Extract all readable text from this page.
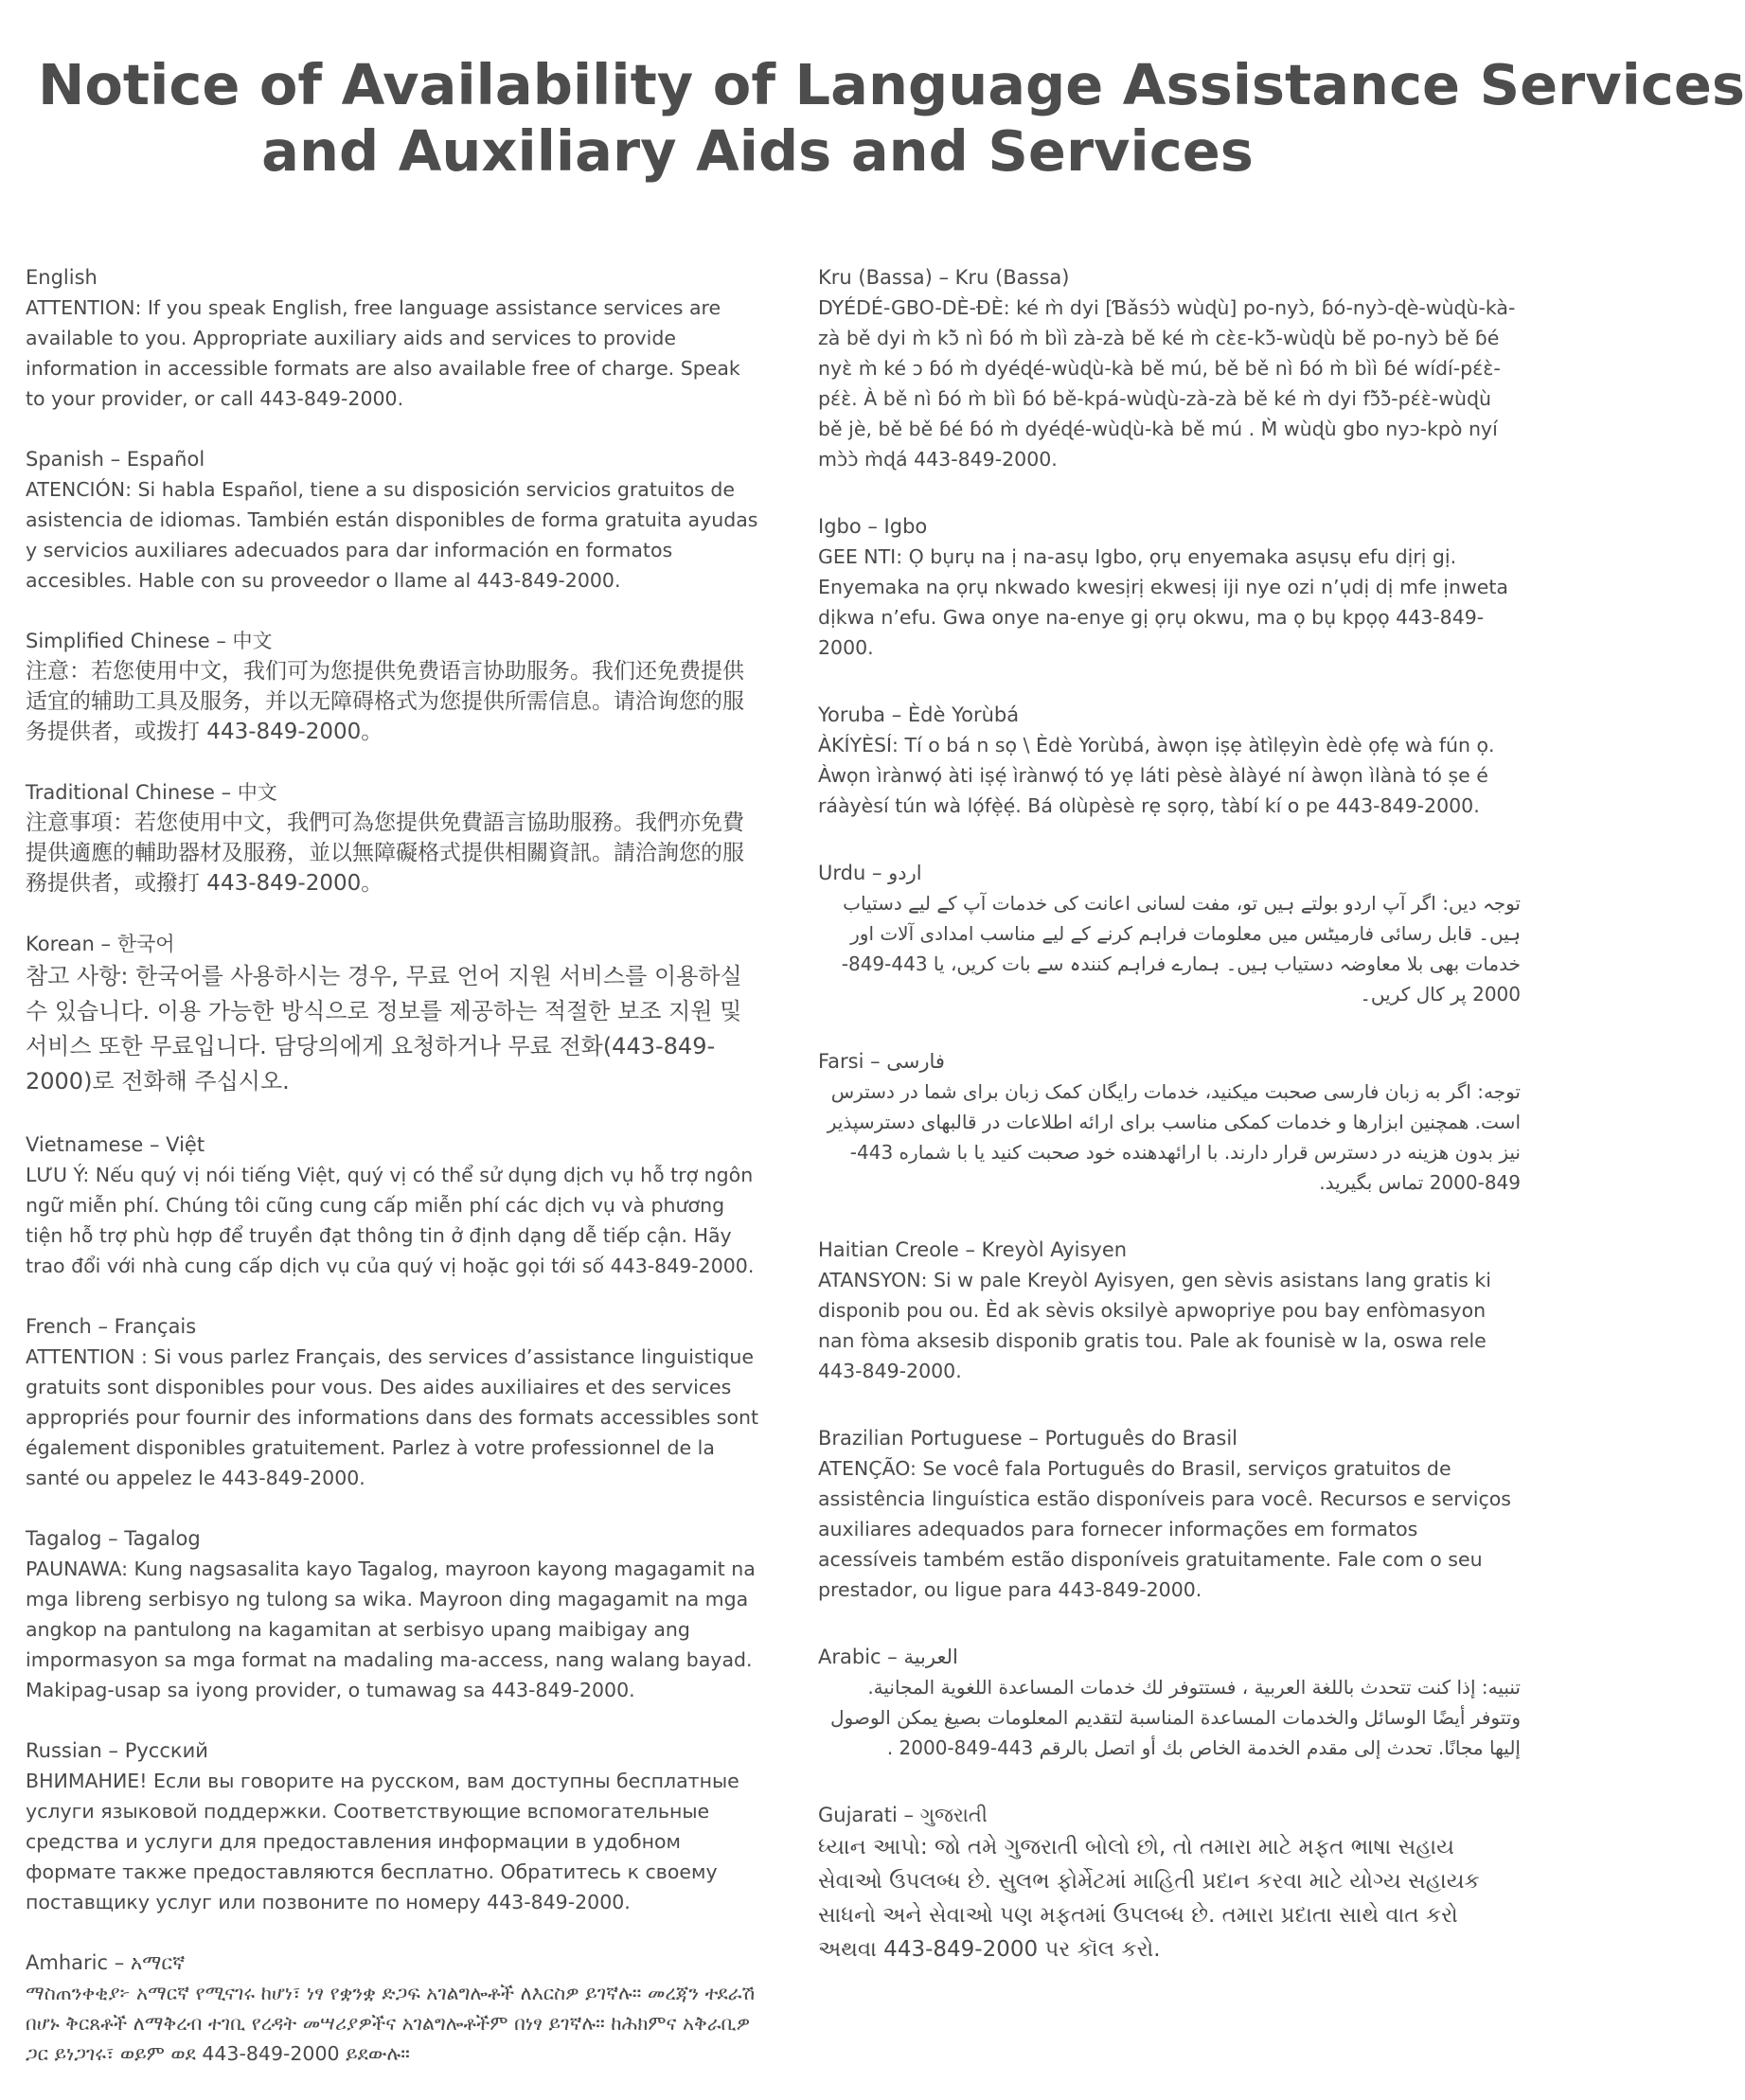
Notice of Availability of Language Assistance Services
and Auxiliary Aids and Services
English
ATTENTION: If you speak English, free language assistance services are available to you. Appropriate auxiliary aids and services to provide information in accessible formats are also available free of charge. Speak to your provider, or call 443-849-2000.
Spanish – Español
ATENCIÓN: Si habla Español, tiene a su disposición servicios gratuitos de asistencia de idiomas. También están disponibles de forma gratuita ayudas y servicios auxiliares adecuados para dar información en formatos accesibles. Hable con su proveedor o llame al 443-849-2000.
Simplified Chinese – 中文
注意：若您使用中文，我们可为您提供免费语言协助服务。我们还免费提供适宜的辅助工具及服务，并以无障碍格式为您提供所需信息。请洽询您的服务提供者，或拨打 443-849-2000。
Traditional Chinese – 中文
注意事項：若您使用中文，我們可為您提供免費語言協助服務。我們亦免費提供適應的輔助器材及服務，並以無障礙格式提供相關資訊。請洽詢您的服務提供者，或撥打 443-849-2000。
Korean – 한국어
참고 사항: 한국어를 사용하시는 경우, 무료 언어 지원 서비스를 이용하실 수 있습니다. 이용 가능한 방식으로 정보를 제공하는 적절한 보조 지원 및 서비스 또한 무료입니다. 담당의에게 요청하거나 무료 전화(443-849-2000)로 전화해 주십시오.
Vietnamese – Việt
LƯU Ý: Nếu quý vị nói tiếng Việt, quý vị có thể sử dụng dịch vụ hỗ trợ ngôn ngữ miễn phí. Chúng tôi cũng cung cấp miễn phí các dịch vụ và phương tiện hỗ trợ phù hợp để truyền đạt thông tin ở định dạng dễ tiếp cận. Hãy trao đổi với nhà cung cấp dịch vụ của quý vị hoặc gọi tới số 443-849-2000.
French – Français
ATTENTION : Si vous parlez Français, des services d’assistance linguistique gratuits sont disponibles pour vous. Des aides auxiliaires et des services appropriés pour fournir des informations dans des formats accessibles sont également disponibles gratuitement. Parlez à votre professionnel de la santé ou appelez le 443-849-2000.
Tagalog – Tagalog
PAUNAWA: Kung nagsasalita kayo Tagalog, mayroon kayong magagamit na mga libreng serbisyo ng tulong sa wika. Mayroon ding magagamit na mga angkop na pantulong na kagamitan at serbisyo upang maibigay ang impormasyon sa mga format na madaling ma-access, nang walang bayad. Makipag-usap sa iyong provider, o tumawag sa 443-849-2000.
Russian – Русский
ВНИМАНИЕ! Если вы говорите на русском, вам доступны бесплатные услуги языковой поддержки. Соответствующие вспомогательные средства и услуги для предоставления информации в удобном формате также предоставляются бесплатно. Обратитесь к своему поставщику услуг или позвоните по номеру 443-849-2000.
Amharic – አማርኛ
ማስጠንቀቂያ፦ አማርኛ የሚናገሩ ከሆነ፣ ነፃ የቋንቋ ድጋፍ አገልግሎቶች ለእርስዎ ይገኛሉ። መረጃን ተደራሽ በሆኑ ቅርጸቶች ለማቅረብ ተገቢ የረዳት መሣሪያዎችና አገልግሎቶችም በነፃ ይገኛሉ። ከሕክምና አቅራቢዎ ጋር ይነጋገሩ፣ ወይም ወደ 443-849-2000 ይደውሉ።
Kru (Bassa) – Kru (Bassa)
DYÉDÉ-GBO-DÈ-ĐÈ: ké m̀ dyi [Ɓǎsɔ́ɔ̀ wùɖù] po-nyɔ̀, ɓó-nyɔ̀-ɖè-wùɖù-kà-zà bě dyi m̀ kɔ̃̀ nì ɓó m̀ bìì zà-zà bě ké m̀ cɛ̀ɛ-kɔ̃̀-wùɖù bě po-nyɔ̀ bě ɓé nyɛ̀ m̀ ké ɔ ɓó m̀ dyéɖé-wùɖù-kà bě mú, bě bě nì ɓó m̀ bìì ɓé wídí-pɛ́ɛ̀-pɛ́ɛ̀. À bě nì ɓó m̀ bìì ɓó bě-kpá-wùɖù-zà-zà bě ké m̀ dyi fɔ̃̀ɔ̃̀-pɛ́ɛ̀-wùɖù bě jè, bě bě ɓé ɓó m̀ dyéɖé-wùɖù-kà bě mú . M̀ wùɖù gbo nyɔ-kpò nyí mɔ̀ɔ̀ m̀ɖá 443-849-2000.
Igbo – Igbo
GEE NTI: Ọ bụrụ na ị na-asụ Igbo, ọrụ enyemaka asụsụ efu dịrị gị. Enyemaka na ọrụ nkwado kwesịrị ekwesị iji nye ozi n’ụdị dị mfe ịnweta dịkwa n’efu. Gwa onye na-enye gị ọrụ okwu, ma ọ bụ kpọọ 443-849-2000.
Yoruba – Èdè Yorùbá
ÀKÍYÈSÍ: Tí o bá n sọ \ Èdè Yorùbá, àwọn iṣẹ àtìlẹyìn èdè ọfẹ wà fún ọ. Àwọn ìrànwọ́ àti iṣẹ́ ìrànwọ́ tó yẹ láti pèsè àlàyé ní àwọn ìlànà tó ṣe é ráàyèsí tún wà lọ́fẹ̀ẹ́. Bá olùpèsè rẹ sọrọ, tàbí kí o pe 443-849-2000.
Urdu – اردو
توجہ دیں: اگر آپ اردو بولتے ہیں تو، مفت لسانی اعانت کی خدمات آپ کے لیے دستیاب ہیں۔ قابل رسائی فارمیٹس میں معلومات فراہم کرنے کے لیے مناسب امدادی آلات اور خدمات بھی بلا معاوضہ دستیاب ہیں۔ ہمارے فراہم کنندہ سے بات کریں، یا 443-849-2000 پر کال کریں۔
Farsi – فارسی
توجه: اگر به زبان فارسی صحبت میکنید، خدمات رایگان کمک زبان برای شما در دسترس است. همچنین ابزارها و خدمات کمکی مناسب برای ارائه اطلاعات در قالبهای دسترسپذیر نیز بدون هزینه در دسترس قرار دارند. با ارائهدهنده خود صحبت کنید یا با شماره 443-849-2000 تماس بگیرید.
Haitian Creole – Kreyòl Ayisyen
ATANSYON: Si w pale Kreyòl Ayisyen, gen sèvis asistans lang gratis ki disponib pou ou. Èd ak sèvis oksilyè apwopriye pou bay enfòmasyon nan fòma aksesib disponib gratis tou. Pale ak founisè w la, oswa rele 443-849-2000.
Brazilian Portuguese – Português do Brasil
ATENÇÃO: Se você fala Português do Brasil, serviços gratuitos de assistência linguística estão disponíveis para você. Recursos e serviços auxiliares adequados para fornecer informações em formatos acessíveis também estão disponíveis gratuitamente. Fale com o seu prestador, ou ligue para 443-849-2000.
Arabic – العربية
تنبيه: إذا كنت تتحدث باللغة العربية ، فستتوفر لك خدمات المساعدة اللغوية المجانية. وتتوفر أيضًا الوسائل والخدمات المساعدة المناسبة لتقديم المعلومات بصيغ يمكن الوصول إليها مجانًا. تحدث إلى مقدم الخدمة الخاص بك أو اتصل بالرقم 443-849-2000 .
Gujarati – ગુજરાતી
ધ્યાન આપો: જો તમે ગુજરાતી બોલો છો, તો તમારા માટે મફત ભાષા સહાય સેવાઓ ઉપલબ્ધ છે. સુલભ ફોર્મેટમાં માહિતી પ્રદાન કરવા માટે યોગ્ય સહાયક સાધનો અને સેવાઓ પણ મફતમાં ઉપલબ્ધ છે. તમારા પ્રદાતા સાથે વાત કરો અથવા 443-849-2000 પર કૉલ કરો.
